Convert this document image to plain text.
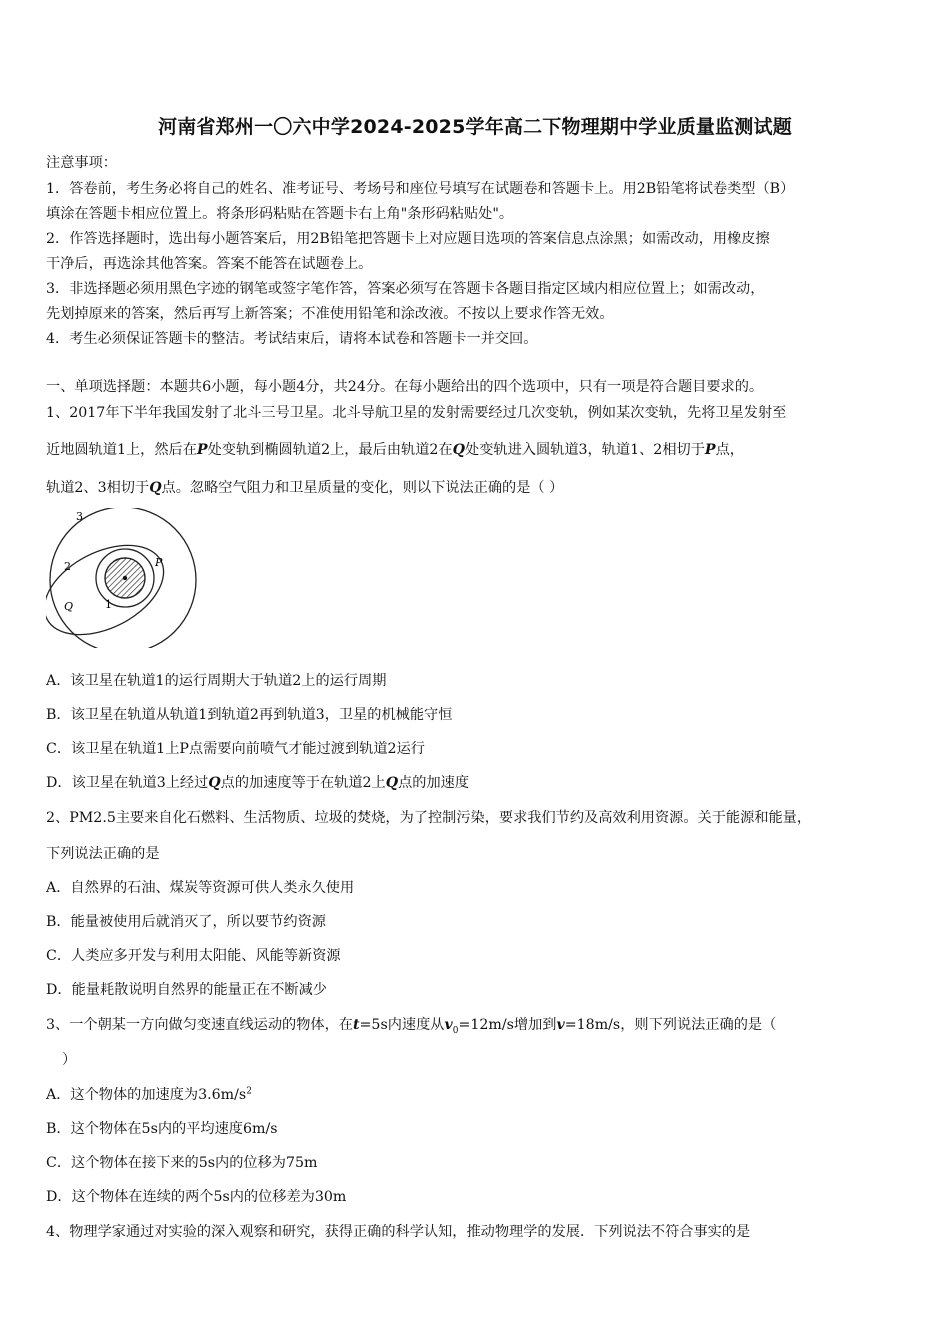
河南省郑州一〇六中学2024-2025学年高二下物理期中学业质量监测试题
注意事项：
1．答卷前，考生务必将自己的姓名、准考证号、考场号和座位号填写在试题卷和答题卡上。用2B铅笔将试卷类型（B）
填涂在答题卡相应位置上。将条形码粘贴在答题卡右上角"条形码粘贴处"。
2．作答选择题时，选出每小题答案后，用2B铅笔把答题卡上对应题目选项的答案信息点涂黑；如需改动，用橡皮擦
干净后，再选涂其他答案。答案不能答在试题卷上。
3．非选择题必须用黑色字迹的钢笔或签字笔作答，答案必须写在答题卡各题目指定区域内相应位置上；如需改动，
先划掉原来的答案，然后再写上新答案；不准使用铅笔和涂改液。不按以上要求作答无效。
4．考生必须保证答题卡的整洁。考试结束后，请将本试卷和答题卡一并交回。
一、单项选择题：本题共6小题，每小题4分，共24分。在每小题给出的四个选项中，只有一项是符合题目要求的。
1、2017年下半年我国发射了北斗三号卫星。北斗导航卫星的发射需要经过几次变轨，例如某次变轨，先将卫星发射至
近地圆轨道1上，然后在P处变轨到椭圆轨道2上，最后由轨道2在Q处变轨进入圆轨道3，轨道1、2相切于P点，
轨道2、3相切于Q点。忽略空气阻力和卫星质量的变化，则以下说法正确的是（ ）
3
2	P
Q	1
A．该卫星在轨道1的运行周期大于轨道2上的运行周期
B．该卫星在轨道从轨道1到轨道2再到轨道3，卫星的机械能守恒
C．该卫星在轨道1上P点需要向前喷气才能过渡到轨道2运行
D．该卫星在轨道3上经过Q点的加速度等于在轨道2上Q点的加速度
2、PM2.5主要来自化石燃料、生活物质、垃圾的焚烧，为了控制污染，要求我们节约及高效利用资源。关于能源和能量，
下列说法正确的是
A．自然界的石油、煤炭等资源可供人类永久使用
B．能量被使用后就消灭了，所以要节约资源
C．人类应多开发与利用太阳能、风能等新资源
D．能量耗散说明自然界的能量正在不断减少
3、一个朝某一方向做匀变速直线运动的物体，在t=5s内速度从$v_0=12m/s$增加到v=18m/s，则下列说法正确的是（
）
A．这个物体的加速度为$3.6m/s^2$
B．这个物体在5s内的平均速度6m/s
C．这个物体在接下来的5s内的位移为75m
D．这个物体在连续的两个5s内的位移差为30m
4、物理学家通过对实验的深入观察和研究，获得正确的科学认知，推动物理学的发展．下列说法不符合事实的是
